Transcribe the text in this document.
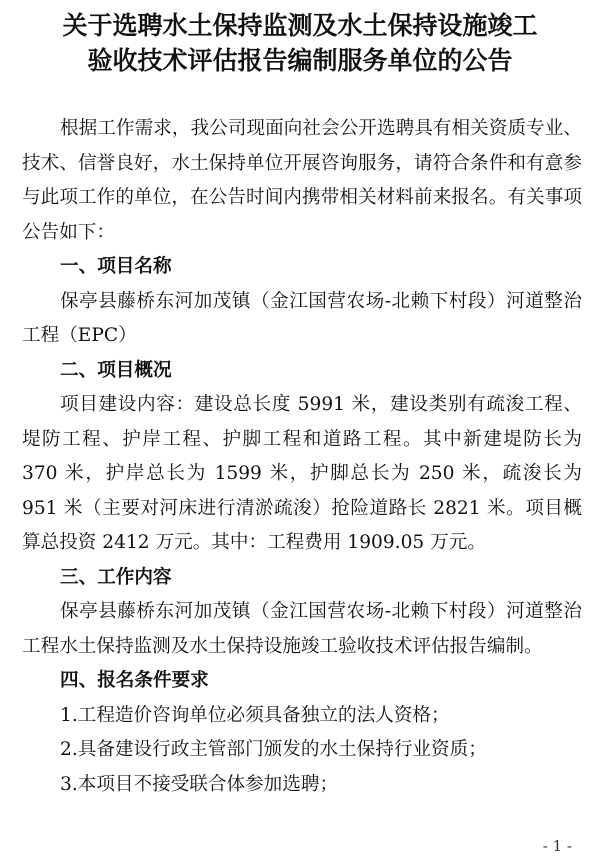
关于选聘水土保持监测及水土保持设施竣工
验收技术评估报告编制服务单位的公告

根据工作需求，我公司现面向社会公开选聘具有相关资质专业、技术、信誉良好，水土保持单位开展咨询服务，请符合条件和有意参与此项工作的单位，在公告时间内携带相关材料前来报名。有关事项公告如下：

一、项目名称

保亭县藤桥东河加茂镇（金江国营农场-北赖下村段）河道整治工程（EPC）

二、项目概况

项目建设内容：建设总长度 5991 米，建设类别有疏浚工程、堤防工程、护岸工程、护脚工程和道路工程。其中新建堤防长为 370 米，护岸总长为 1599 米，护脚总长为 250 米，疏浚长为 951 米（主要对河床进行清淤疏浚）抢险道路长 2821 米。项目概算总投资 2412 万元。其中：工程费用 1909.05 万元。

三、工作内容

保亭县藤桥东河加茂镇（金江国营农场-北赖下村段）河道整治工程水土保持监测及水土保持设施竣工验收技术评估报告编制。

四、报名条件要求

1.工程造价咨询单位必须具备独立的法人资格；

2.具备建设行政主管部门颁发的水土保持行业资质；

3.本项目不接受联合体参加选聘；

- 1 -
